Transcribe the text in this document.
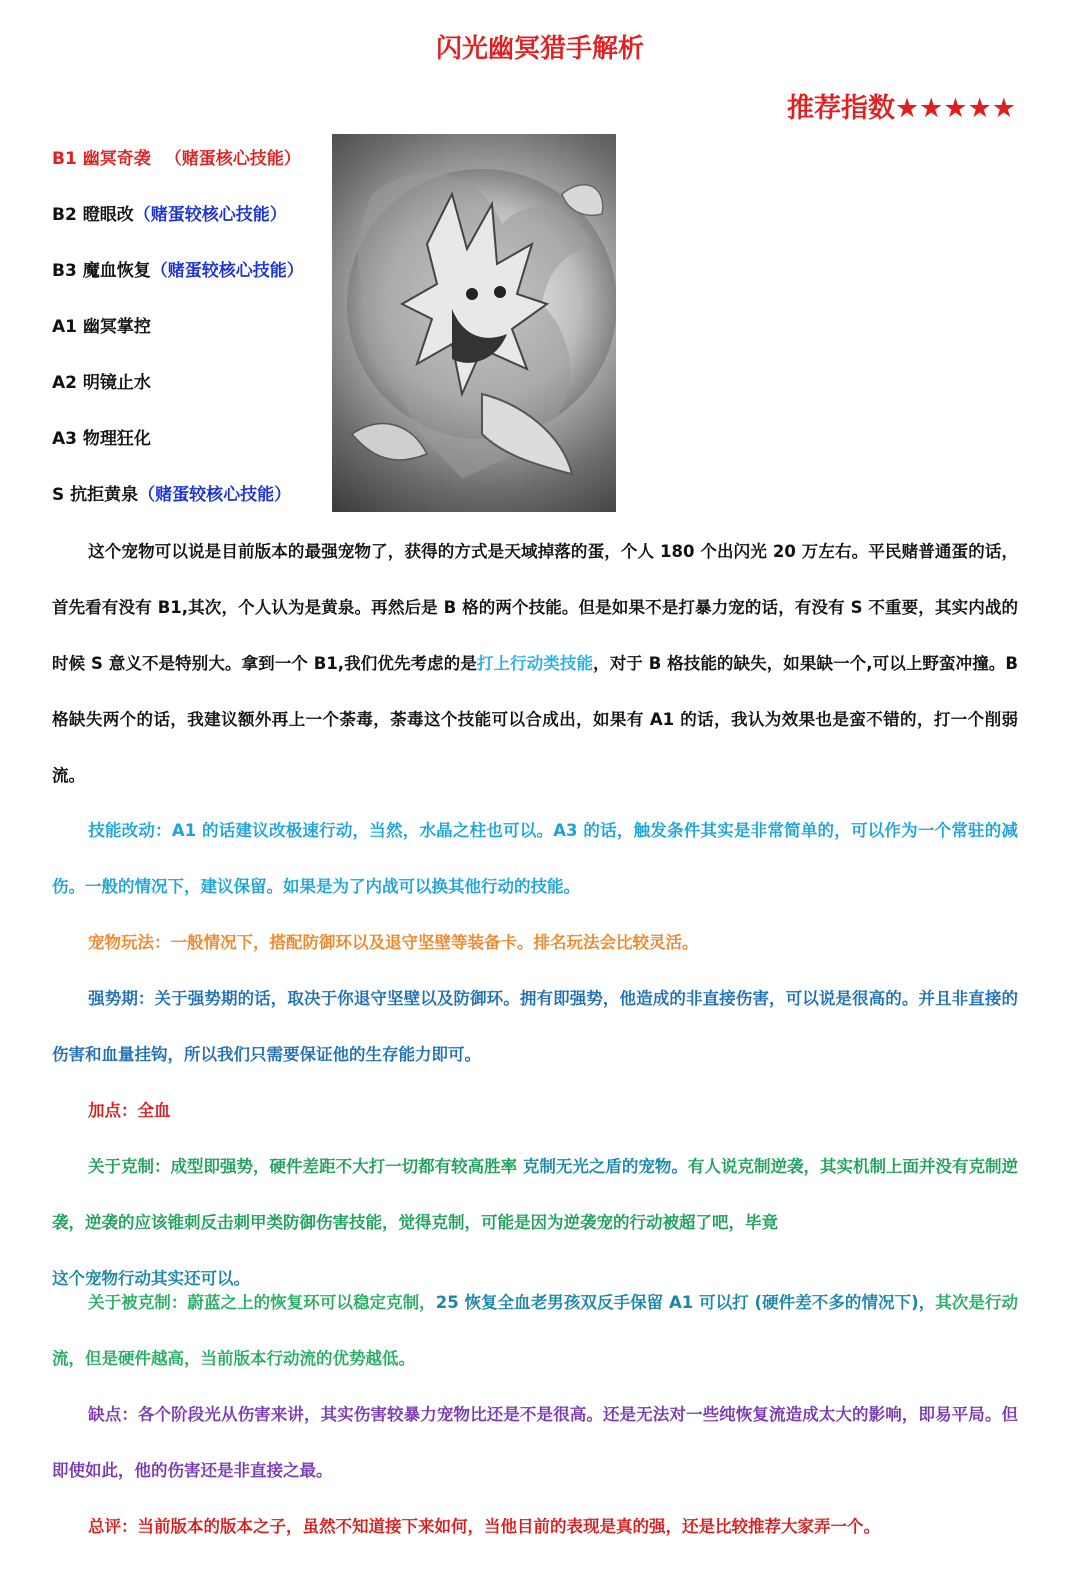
闪光幽冥猎手解析
推荐指数★★★★★
B1 幽冥奇袭 （赌蛋核心技能）
B2 瞪眼改（赌蛋较核心技能）
B3 魔血恢复（赌蛋较核心技能）
A1 幽冥掌控
A2 明镜止水
A3 物理狂化
S 抗拒黄泉（赌蛋较核心技能）
这个宠物可以说是目前版本的最强宠物了，获得的方式是天域掉落的蛋，个人 180 个出闪光 20 万左右。平民赌普通蛋的话，首先看有没有 B1,其次，个人认为是黄泉。再然后是 B 格的两个技能。但是如果不是打暴力宠的话，有没有 S 不重要，其实内战的时候 S 意义不是特别大。拿到一个 B1,我们优先考虑的是打上行动类技能，对于 B 格技能的缺失，如果缺一个,可以上野蛮冲撞。B 格缺失两个的话，我建议额外再上一个荼毒，荼毒这个技能可以合成出，如果有 A1 的话，我认为效果也是蛮不错的，打一个削弱流。
技能改动：A1 的话建议改极速行动，当然，水晶之柱也可以。A3 的话，触发条件其实是非常简单的，可以作为一个常驻的减伤。一般的情况下，建议保留。如果是为了内战可以换其他行动的技能。
宠物玩法：一般情况下，搭配防御环以及退守坚壁等装备卡。排名玩法会比较灵活。
强势期：关于强势期的话，取决于你退守坚壁以及防御环。拥有即强势，他造成的非直接伤害，可以说是很高的。并且非直接的伤害和血量挂钩，所以我们只需要保证他的生存能力即可。
加点：全血
关于克制：成型即强势，硬件差距不大打一切都有较高胜率 克制无光之盾的宠物。有人说克制逆袭，其实机制上面并没有克制逆袭，逆袭的应该锥刺反击刺甲类防御伤害技能，觉得克制，可能是因为逆袭宠的行动被超了吧，毕竟
这个宠物行动其实还可以。
关于被克制：蔚蓝之上的恢复环可以稳定克制，25 恢复全血老男孩双反手保留 A1 可以打 (硬件差不多的情况下)，其次是行动流，但是硬件越高，当前版本行动流的优势越低。
缺点：各个阶段光从伤害来讲，其实伤害较暴力宠物比还是不是很高。还是无法对一些纯恢复流造成太大的影响，即易平局。但即使如此，他的伤害还是非直接之最。
总评：当前版本的版本之子，虽然不知道接下来如何，当他目前的表现是真的强，还是比较推荐大家弄一个。
